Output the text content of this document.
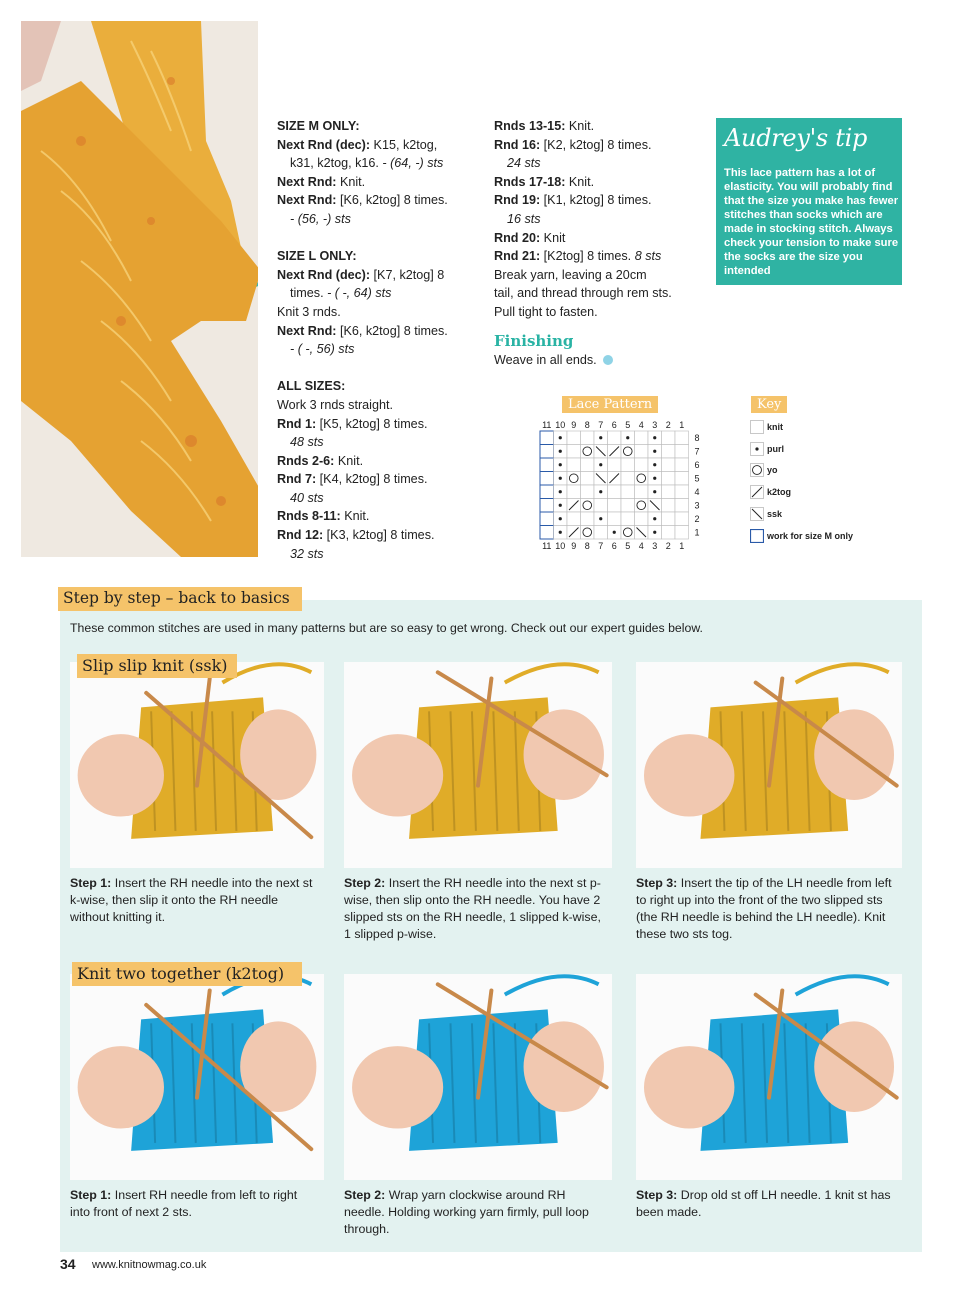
SIZE M ONLY:

Next Rnd (dec): K15, k2tog,

k31, k2tog, k16. - (64, -) sts

Next Rnd: Knit.

Next Rnd: [K6, k2tog] 8 times.

- (56, -) sts

SIZE L ONLY:

Next Rnd (dec): [K7, k2tog] 8

times. - ( -, 64) sts

Knit 3 rnds.

Next Rnd: [K6, k2tog] 8 times.

- ( -, 56) sts

ALL SIZES:

Work 3 rnds straight.

Rnd 1: [K5, k2tog] 8 times.

48 sts

Rnds 2-6: Knit.

Rnd 7: [K4, k2tog] 8 times.

40 sts

Rnds 8-11: Knit.

Rnd 12: [K3, k2tog] 8 times.

32 sts

Rnds 13-15: Knit.

Rnd 16: [K2, k2tog] 8 times.

24 sts

Rnds 17-18: Knit.

Rnd 19: [K1, k2tog] 8 times.

16 sts

Rnd 20: Knit

Rnd 21: [K2tog] 8 times. 8 sts

Break yarn, leaving a 20cm

tail, and thread through rem sts.

Pull tight to fasten.

Finishing

Weave in all ends.

Audrey's tip
This lace pattern has a lot of elasticity. You will probably find that the size you make has fewer stitches than socks which are made in stocking stitch. Always check your tension to make sure the socks are the size you intended
Lace Pattern
11
11
10
10
9
9
8
8
7
7
6
6
5
5
4
4
3
3
2
2
1
1
8
7
6
5
4
3
2
1
Key
knit
purl
yo
k2tog
ssk
work for size M only
Step by step – back to basics
These common stitches are used in many patterns but are so easy to get wrong. Check out our expert guides below.
Slip slip knit (ssk)
Step 1: Insert the RH needle into the next st k-wise, then slip it onto the RH needle without knitting it.
Step 2: Insert the RH needle into the next st p-wise, then slip onto the RH needle. You have 2 slipped sts on the RH needle, 1 slipped k-wise, 1 slipped p-wise.
Step 3: Insert the tip of the LH needle from left to right up into the front of the two slipped sts (the RH needle is behind the LH needle). Knit these two sts tog.
Knit two together (k2tog)
Step 1: Insert RH needle from left to right into front of next 2 sts.
Step 2: Wrap yarn clockwise around RH needle. Holding working yarn firmly, pull loop through.
Step 3: Drop old st off LH needle. 1 knit st has been made.
34 www.knitnowmag.co.uk
